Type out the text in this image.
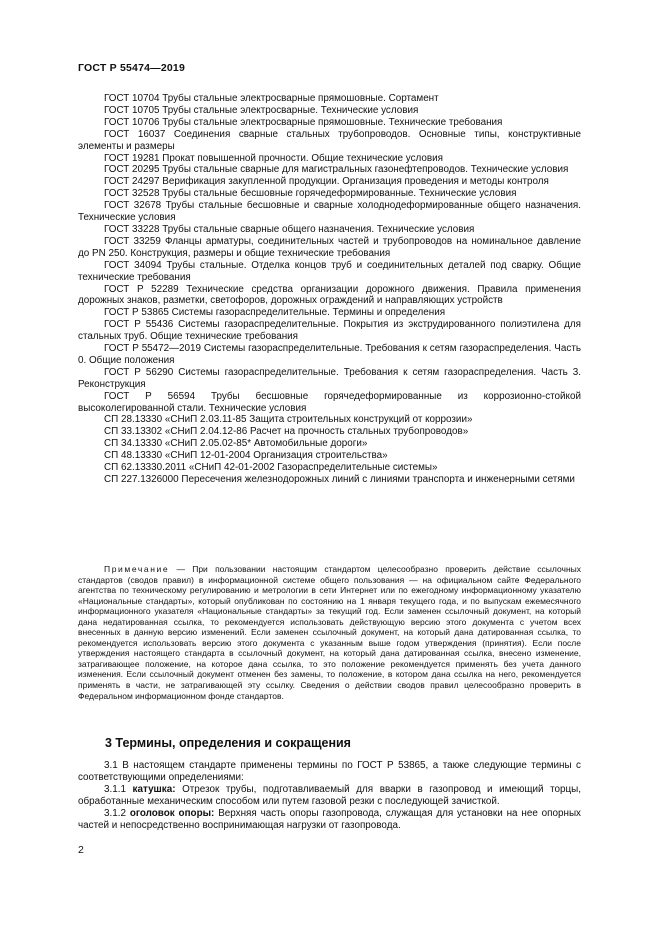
ГОСТ Р 55474—2019
ГОСТ 10704 Трубы стальные электросварные прямошовные. Сортамент
ГОСТ 10705 Трубы стальные электросварные. Технические условия
ГОСТ 10706 Трубы стальные электросварные прямошовные. Технические требования
ГОСТ 16037 Соединения сварные стальных трубопроводов. Основные типы, конструктивные элементы и размеры
ГОСТ 19281 Прокат повышенной прочности. Общие технические условия
ГОСТ 20295 Трубы стальные сварные для магистральных газонефтепроводов. Технические условия
ГОСТ 24297 Верификация закупленной продукции. Организация проведения и методы контроля
ГОСТ 32528 Трубы стальные бесшовные горячедеформированные. Технические условия
ГОСТ 32678 Трубы стальные бесшовные и сварные холоднодеформированные общего назначения. Технические условия
ГОСТ 33228 Трубы стальные сварные общего назначения. Технические условия
ГОСТ 33259 Фланцы арматуры, соединительных частей и трубопроводов на номинальное давление до PN 250. Конструкция, размеры и общие технические требования
ГОСТ 34094 Трубы стальные. Отделка концов труб и соединительных деталей под сварку. Общие технические требования
ГОСТ Р 52289 Технические средства организации дорожного движения. Правила применения дорожных знаков, разметки, светофоров, дорожных ограждений и направляющих устройств
ГОСТ Р 53865 Системы газораспределительные. Термины и определения
ГОСТ Р 55436 Системы газораспределительные. Покрытия из экструдированного полиэтилена для стальных труб. Общие технические требования
ГОСТ Р 55472—2019 Системы газораспределительные. Требования к сетям газораспределения. Часть 0. Общие положения
ГОСТ Р 56290 Системы газораспределительные. Требования к сетям газораспределения. Часть 3. Реконструкция
ГОСТ Р 56594 Трубы бесшовные горячедеформированные из коррозионно-стойкой высоколегированной стали. Технические условия
СП 28.13330 «СНиП 2.03.11-85 Защита строительных конструкций от коррозии»
СП 33.13302 «СНиП 2.04.12-86 Расчет на прочность стальных трубопроводов»
СП 34.13330 «СНиП 2.05.02-85* Автомобильные дороги»
СП 48.13330 «СНиП 12-01-2004 Организация строительства»
СП 62.13330.2011 «СНиП 42-01-2002 Газораспределительные системы»
СП 227.1326000 Пересечения железнодорожных линий с линиями транспорта и инженерными сетями
Примечание — При пользовании настоящим стандартом целесообразно проверить действие ссылочных стандартов (сводов правил) в информационной системе общего пользования — на официальном сайте Федерального агентства по техническому регулированию и метрологии в сети Интернет или по ежегодному информационному указателю «Национальные стандарты», который опубликован по состоянию на 1 января текущего года, и по выпускам ежемесячного информационного указателя «Национальные стандарты» за текущий год. Если заменен ссылочный документ, на который дана недатированная ссылка, то рекомендуется использовать действующую версию этого документа с учетом всех внесенных в данную версию изменений. Если заменен ссылочный документ, на который дана датированная ссылка, то рекомендуется использовать версию этого документа с указанным выше годом утверждения (принятия). Если после утверждения настоящего стандарта в ссылочный документ, на который дана датированная ссылка, внесено изменение, затрагивающее положение, на которое дана ссылка, то это положение рекомендуется применять без учета данного изменения. Если ссылочный документ отменен без замены, то положение, в котором дана ссылка на него, рекомендуется применять в части, не затрагивающей эту ссылку. Сведения о действии сводов правил целесообразно проверить в Федеральном информационном фонде стандартов.
3 Термины, определения и сокращения

3.1 В настоящем стандарте применены термины по ГОСТ Р 53865, а также следующие термины с соответствующими определениями:

3.1.1 катушка: Отрезок трубы, подготавливаемый для вварки в газопровод и имеющий торцы, обработанные механическим способом или путем газовой резки с последующей зачисткой.

3.1.2 оголовок опоры: Верхняя часть опоры газопровода, служащая для установки на нее опорных частей и непосредственно воспринимающая нагрузки от газопровода.

2
